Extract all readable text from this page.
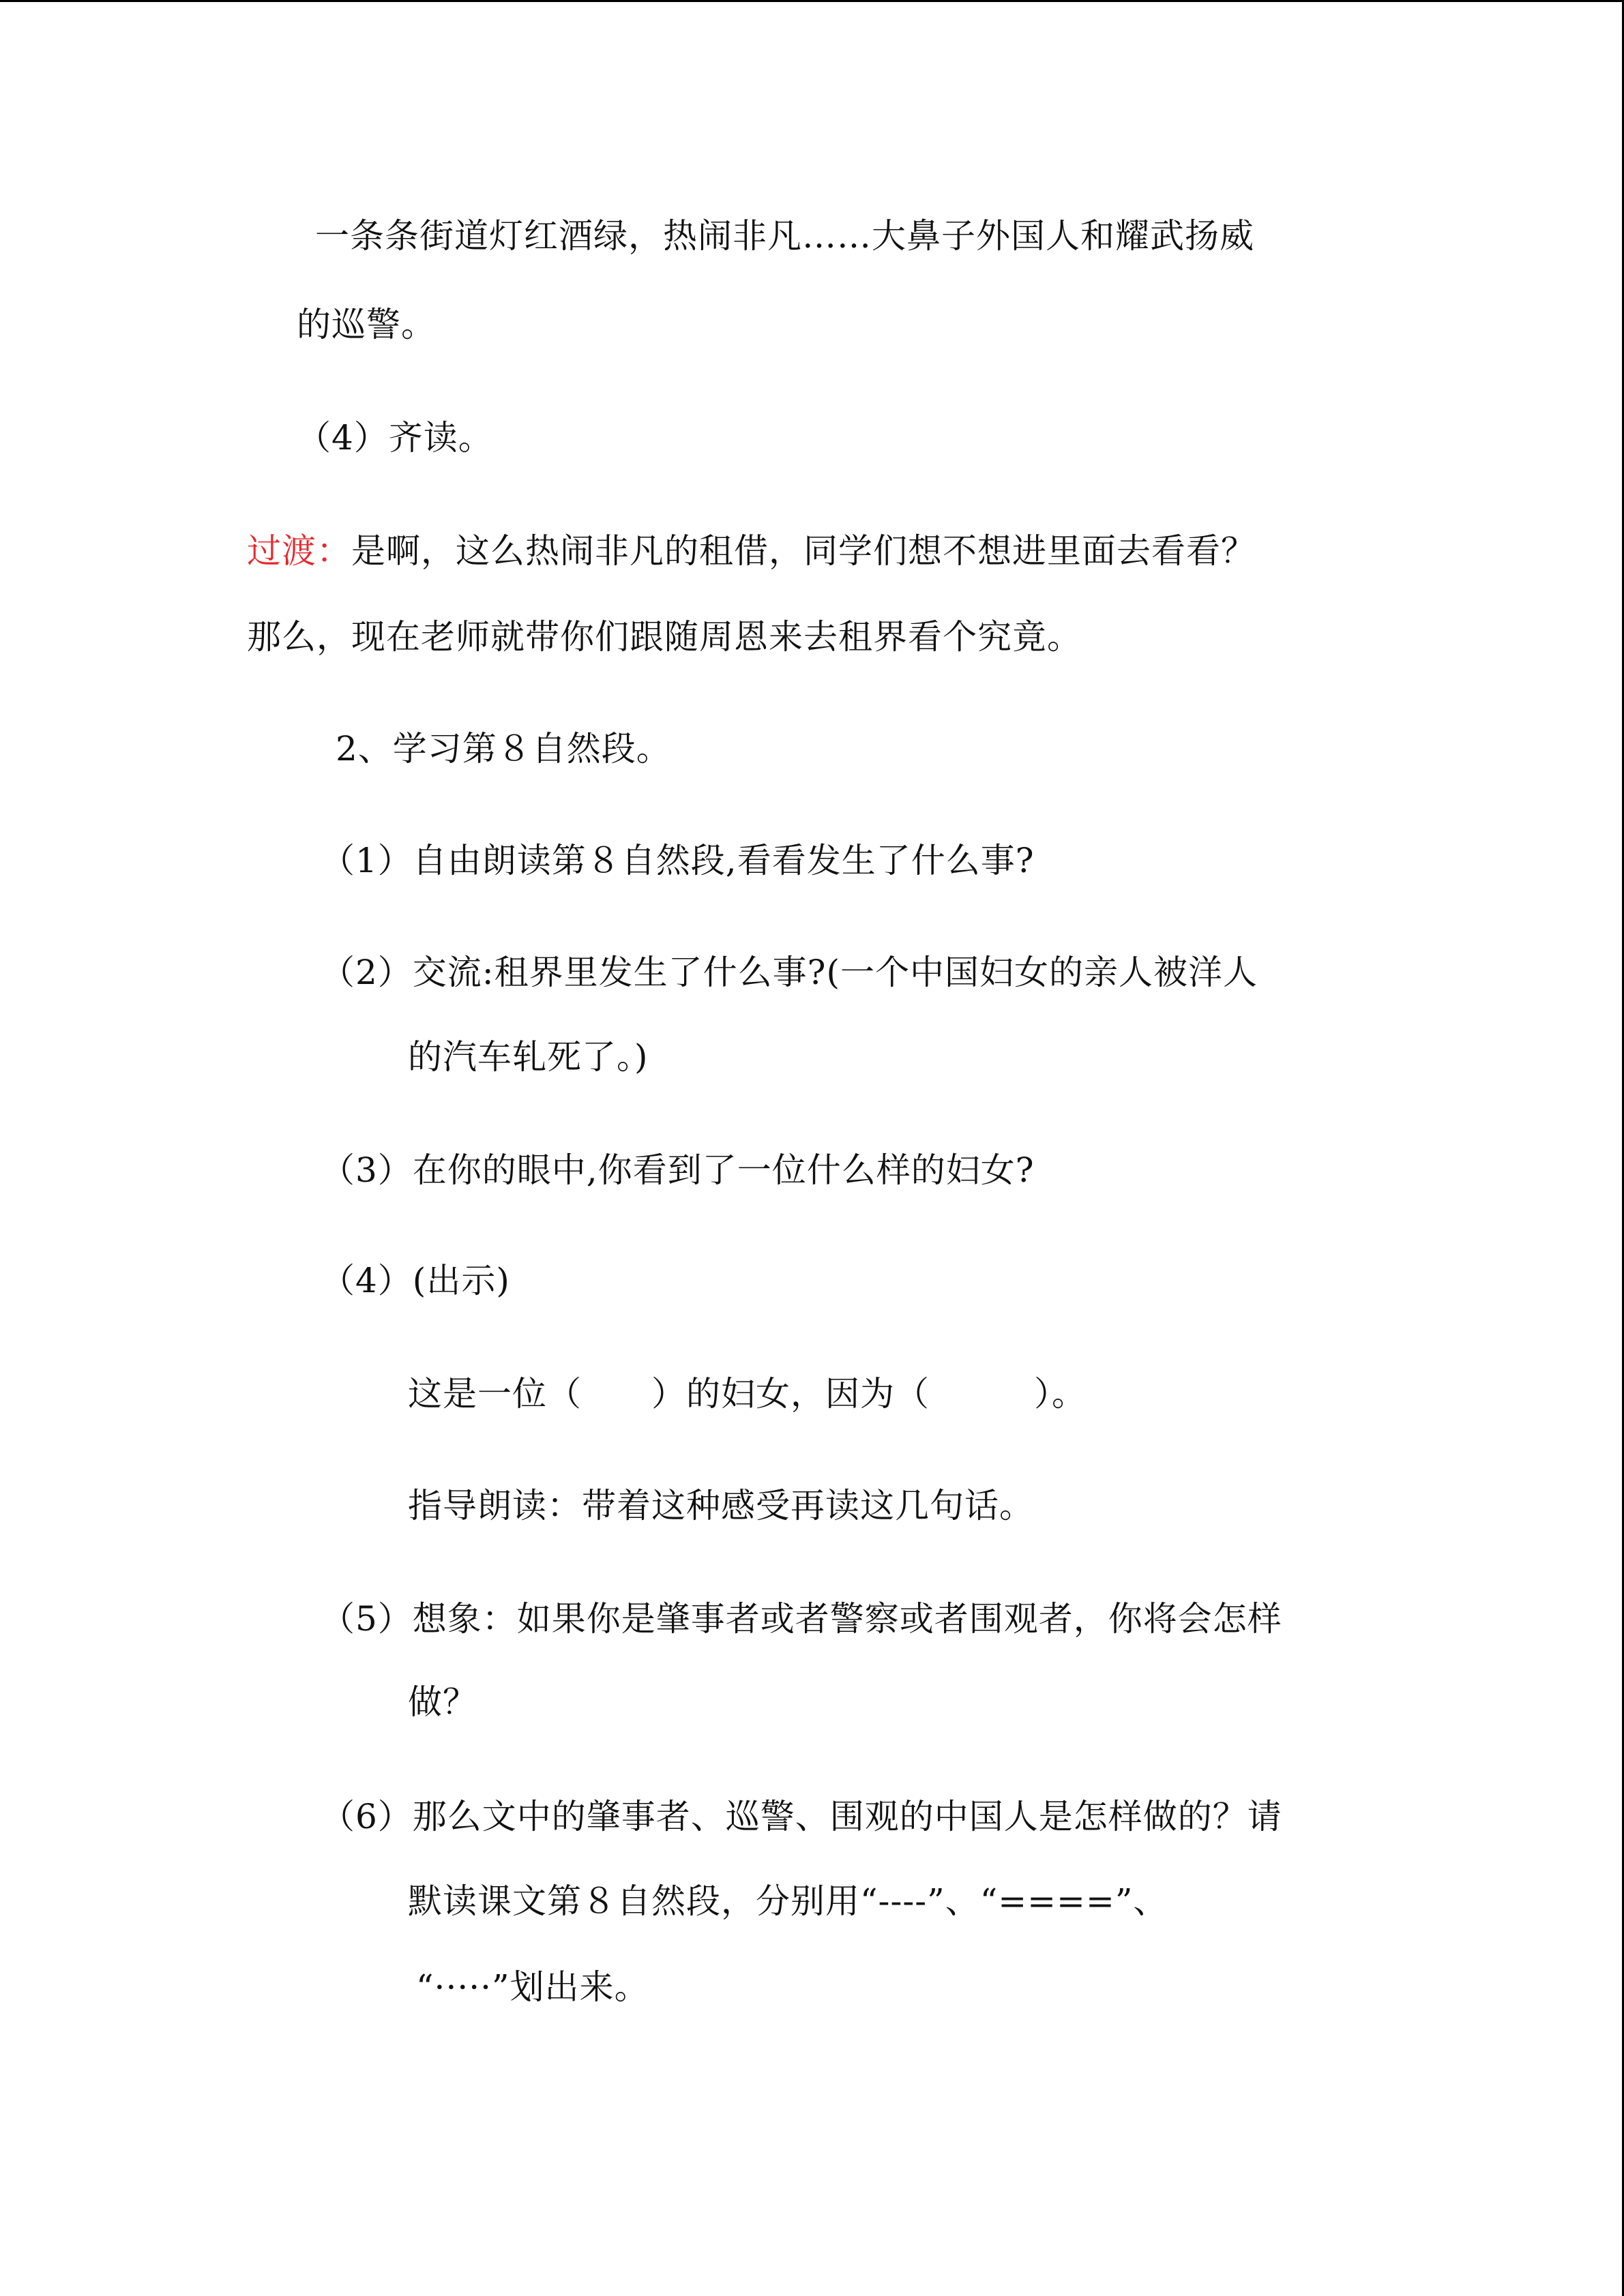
一条条街道灯红酒绿，热闹非凡……大鼻子外国人和耀武扬威
的巡警。
（4）齐读。
过渡：是啊，这么热闹非凡的租借，同学们想不想进里面去看看？
那么，现在老师就带你们跟随周恩来去租界看个究竟。
2、学习第８自然段。
（1）自由朗读第８自然段,看看发生了什么事?
（2）交流:租界里发生了什么事?(一个中国妇女的亲人被洋人
的汽车轧死了。)
（3）在你的眼中,你看到了一位什么样的妇女?
（4）(出示)
这是一位（　　）的妇女，因为（　　　）。
指导朗读：带着这种感受再读这几句话。
（5）想象：如果你是肇事者或者警察或者围观者，你将会怎样
做？
（6）那么文中的肇事者、巡警、围观的中国人是怎样做的？请
默读课文第８自然段，分别用“----”、“====”、
“·····”划出来。
